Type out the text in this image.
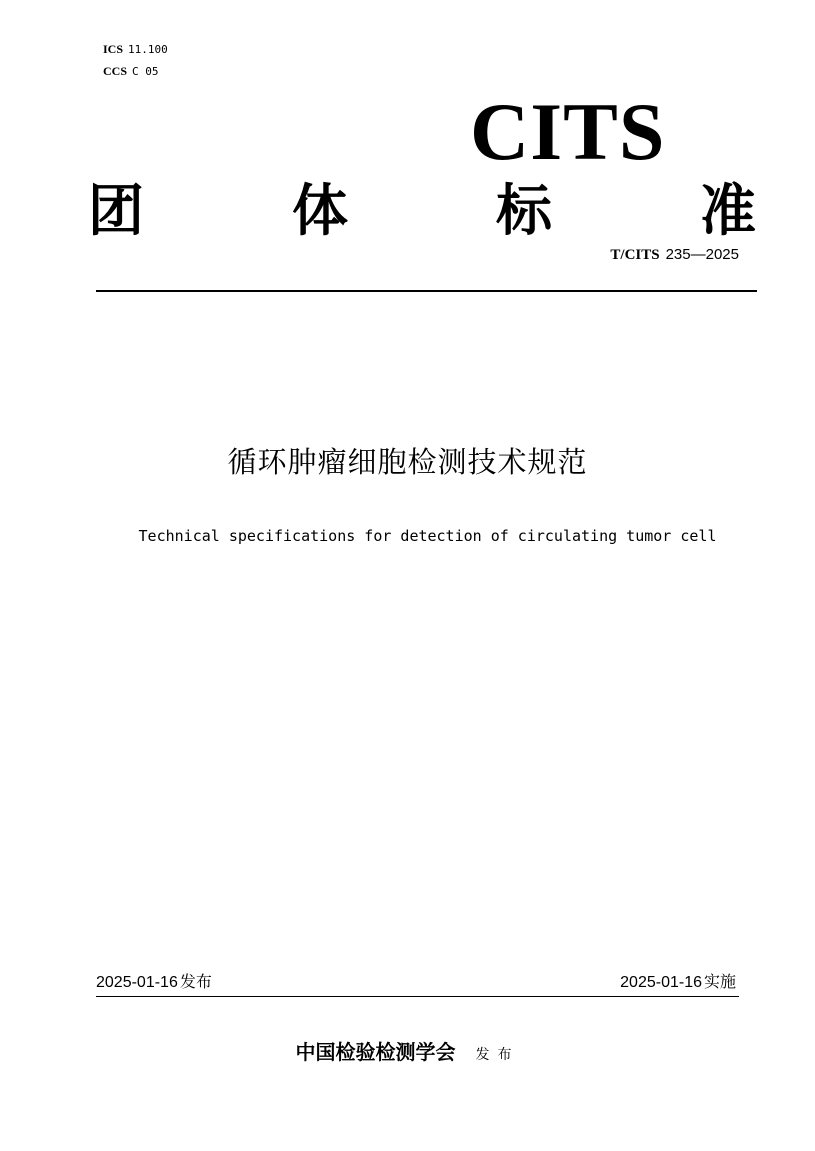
ICS 11.100
CCS C 05
CITS
团	体	标	准
T/CITS 235—2025
循环肿瘤细胞检测技术规范
Technical specifications for detection of circulating tumor cell
2025-01-16 发布	2025-01-16 实施
中国检验检测学会 发布
